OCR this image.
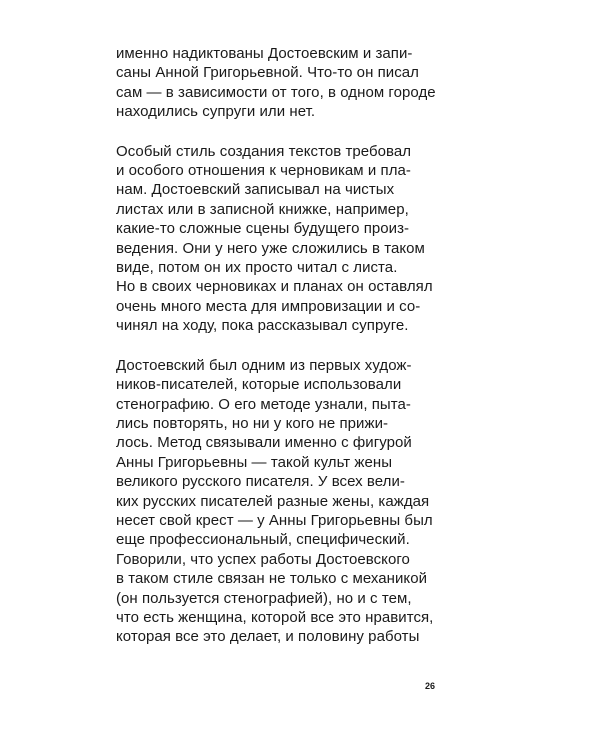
именно надиктованы Достоевским и запи-
саны Анной Григорьевной. Что-то он писал
сам — в зависимости от того, в одном городе
находились супруги или нет.

Особый стиль создания текстов требовал
и особого отношения к черновикам и пла-
нам. Достоевский записывал на чистых
листах или в записной книжке, например,
какие-то сложные сцены будущего произ-
ведения. Они у него уже сложились в таком
виде, потом он их просто читал с листа.
Но в своих черновиках и планах он оставлял
очень много места для импровизации и со-
чинял на ходу, пока рассказывал супруге.

Достоевский был одним из первых худож-
ников-писателей, которые использовали
стенографию. О его методе узнали, пыта-
лись повторять, но ни у кого не прижи-
лось. Метод связывали именно с фигурой
Анны Григорьевны — такой культ жены
великого русского писателя. У всех вели-
ких русских писателей разные жены, каждая
несет свой крест — у Анны Григорьевны был
еще профессиональный, специфический.
Говорили, что успех работы Достоевского
в таком стиле связан не только с механикой
(он пользуется стенографией), но и с тем,
что есть женщина, которой все это нравится,
которая все это делает, и половину работы

26
